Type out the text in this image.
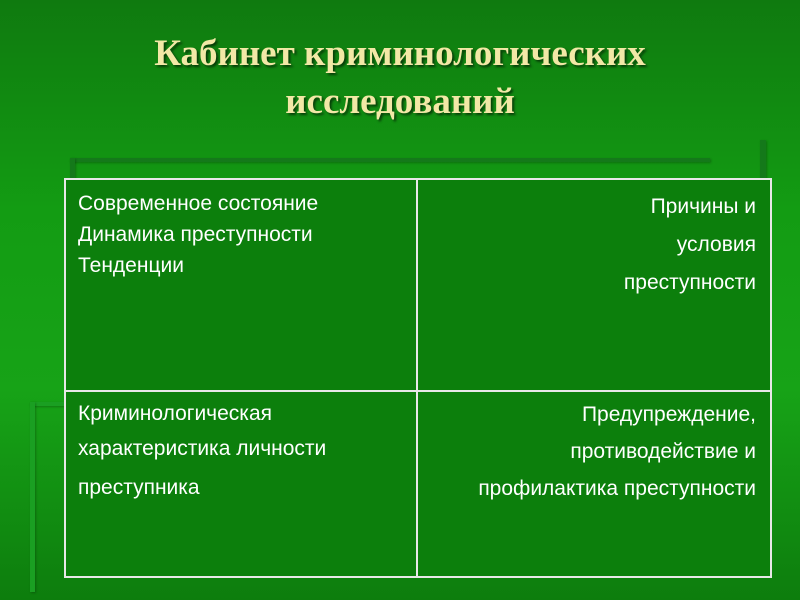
Кабинет криминологических
исследований

Современное состояние

Динамика преступности

Тенденции

Причины и

условия

преступности

Криминологическая характеристика личности

преступника

Предупреждение, противодействие и профилактика преступности
